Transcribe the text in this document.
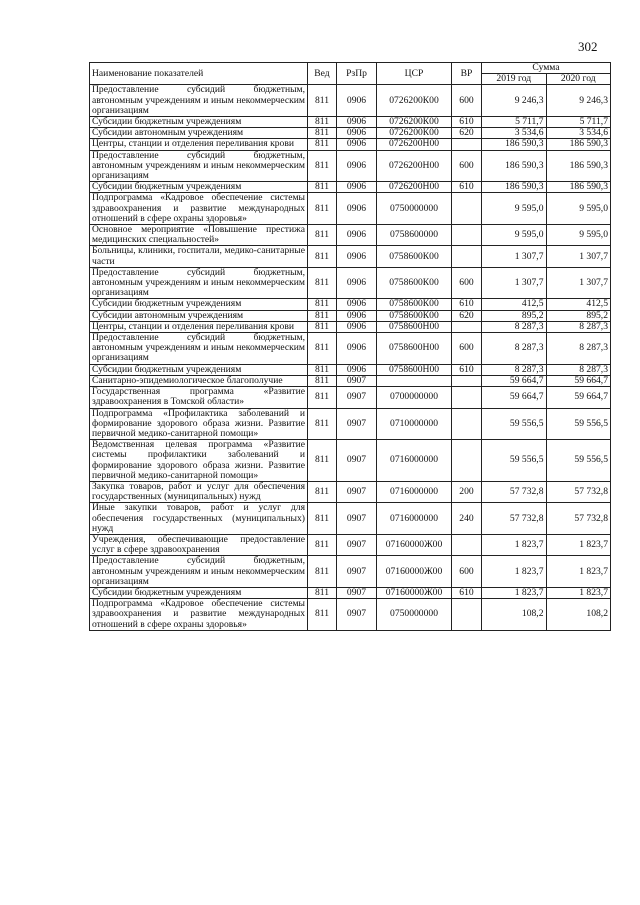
302
Наименование показателей	Вед	РзПр	ЦСР	ВР	Сумма	
					2019 год	2020 год
Предоставление субсидий бюджетным, автономным учреждениям и иным некоммерческим организациям	811	0906	0726200К00	600	9 246,3	9 246,3
Субсидии бюджетным учреждениям	811	0906	0726200К00	610	5 711,7	5 711,7
Субсидии автономным учреждениям	811	0906	0726200К00	620	3 534,6	3 534,6
Центры, станции и отделения переливания крови	811	0906	0726200Н00		186 590,3	186 590,3
Предоставление субсидий бюджетным, автономным учреждениям и иным некоммерческим организациям	811	0906	0726200Н00	600	186 590,3	186 590,3
Субсидии бюджетным учреждениям	811	0906	0726200Н00	610	186 590,3	186 590,3
Подпрограмма «Кадровое обеспечение системы здравоохранения и развитие международных отношений в сфере охраны здоровья»	811	0906	0750000000		9 595,0	9 595,0
Основное мероприятие «Повышение престижа медицинских специальностей»	811	0906	0758600000		9 595,0	9 595,0
Больницы, клиники, госпитали, медико-санитарные части	811	0906	0758600К00		1 307,7	1 307,7
Предоставление субсидий бюджетным, автономным учреждениям и иным некоммерческим организациям	811	0906	0758600К00	600	1 307,7	1 307,7
Субсидии бюджетным учреждениям	811	0906	0758600К00	610	412,5	412,5
Субсидии автономным учреждениям	811	0906	0758600К00	620	895,2	895,2
Центры, станции и отделения переливания крови	811	0906	0758600Н00		8 287,3	8 287,3
Предоставление субсидий бюджетным, автономным учреждениям и иным некоммерческим организациям	811	0906	0758600Н00	600	8 287,3	8 287,3
Субсидии бюджетным учреждениям	811	0906	0758600Н00	610	8 287,3	8 287,3
Санитарно-эпидемиологическое благополучие	811	0907			59 664,7	59 664,7
Государственная программа «Развитие здравоохранения в Томской области»	811	0907	0700000000		59 664,7	59 664,7
Подпрограмма «Профилактика заболеваний и формирование здорового образа жизни. Развитие первичной медико-санитарной помощи»	811	0907	0710000000		59 556,5	59 556,5
Ведомственная целевая программа «Развитие системы профилактики заболеваний и формирование здорового образа жизни. Развитие первичной медико-санитарной помощи»	811	0907	0716000000		59 556,5	59 556,5
Закупка товаров, работ и услуг для обеспечения государственных (муниципальных) нужд	811	0907	0716000000	200	57 732,8	57 732,8
Иные закупки товаров, работ и услуг для обеспечения государственных (муниципальных) нужд	811	0907	0716000000	240	57 732,8	57 732,8
Учреждения, обеспечивающие предоставление услуг в сфере здравоохранения	811	0907	07160000Ж00		1 823,7	1 823,7
Предоставление субсидий бюджетным, автономным учреждениям и иным некоммерческим организациям	811	0907	07160000Ж00	600	1 823,7	1 823,7
Субсидии бюджетным учреждениям	811	0907	07160000Ж00	610	1 823,7	1 823,7
Подпрограмма «Кадровое обеспечение системы здравоохранения и развитие международных отношений в сфере охраны здоровья»	811	0907	0750000000		108,2	108,2
